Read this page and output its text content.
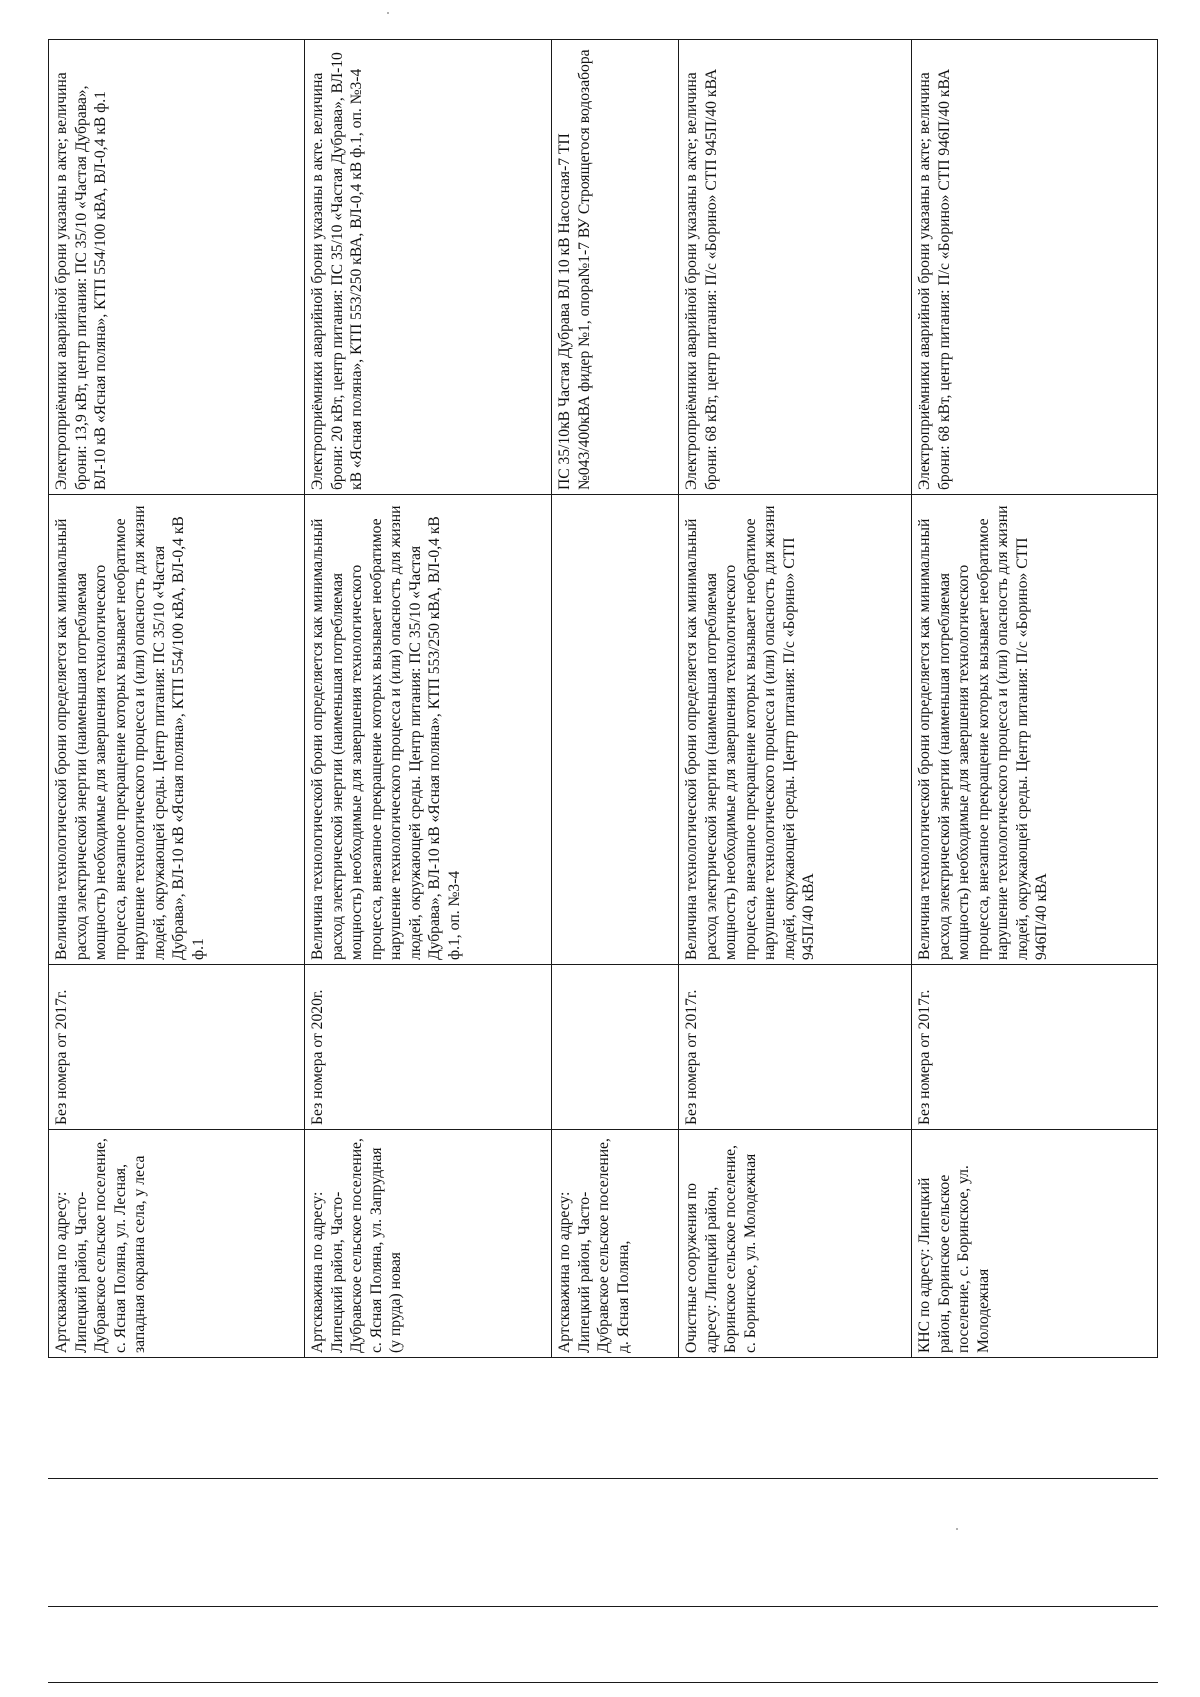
Артскважина по адресу: Липецкий район, Часто-Дубравское сельское поселение, с. Ясная Поляна, ул. Лесная, западная окраина села, у леса	Без номера от 2017г.	Величина технологической брони определяется как минимальный расход электрической энергии (наименьшая потребляемая мощность) необходимые для завершения технологического процесса, внезапное прекращение которых вызывает необратимое нарушение технологического процесса и (или) опасность для жизни людей, окружающей среды. Центр питания: ПС 35/10 «Частая Дубрава», ВЛ-10 кВ «Ясная поляна», КТП 554/100 кВА, ВЛ-0,4 кВ ф.1	Электроприёмники аварийной брони указаны в акте; величина брони: 13,9 кВт, центр питания: ПС 35/10 «Частая Дубрава», ВЛ-10 кВ «Ясная поляна», КТП 554/100 кВА, ВЛ-0,4 кВ ф.1
Артскважина по адресу: Липецкий район, Часто-Дубравское сельское поселение, с. Ясная Поляна, ул. Запрудная (у пруда) новая	Без номера от 2020г.	Величина технологической брони определяется как минимальный расход электрической энергии (наименьшая потребляемая мощность) необходимые для завершения технологического процесса, внезапное прекращение которых вызывает необратимое нарушение технологического процесса и (или) опасность для жизни людей, окружающей среды. Центр питания: ПС 35/10 «Частая Дубрава», ВЛ-10 кВ «Ясная поляна», КТП 553/250 кВА, ВЛ-0,4 кВ ф.1, оп. №3-4	Электроприёмники аварийной брони указаны в акте. величина брони: 20 кВт, центр питания: ПС 35/10 «Частая Дубрава», ВЛ-10 кВ «Ясная поляна», КТП 553/250 кВА, ВЛ-0,4 кВ ф.1, оп. №3-4
Артскважина по адресу: Липецкий район, Часто-Дубравское сельское поселение, д. Ясная Поляна,			ПС 35/10кВ Частая Дубрава ВЛ 10 кВ Насосная-7 ТП №043/400кВА фидер №1, опора№1-7 ВУ Строящегося водозабора
Очистные сооружения по адресу: Липецкий район, Боринское сельское поселение, с. Боринское, ул. Молодежная	Без номера от 2017г.	Величина технологической брони определяется как минимальный расход электрической энергии (наименьшая потребляемая мощность) необходимые для завершения технологического процесса, внезапное прекращение которых вызывает необратимое нарушение технологического процесса и (или) опасность для жизни людей, окружающей среды. Центр питания: П/с «Борино» СТП 945П/40 кВА	Электроприёмники аварийной брони указаны в акте; величина брони: 68 кВт, центр питания: П/с «Борино» СТП 945П/40 кВА
КНС по адресу: Липецкий район, Боринское сельское поселение, с. Боринское, ул. Молодежная	Без номера от 2017г.	Величина технологической брони определяется как минимальный расход электрической энергии (наименьшая потребляемая мощность) необходимые для завершения технологического процесса, внезапное прекращение которых вызывает необратимое нарушение технологического процесса и (или) опасность для жизни людей, окружающей среды. Центр питания: П/с «Борино» СТП 946П/40 кВА	Электроприёмники аварийной брони указаны в акте; величина брони: 68 кВт, центр питания: П/с «Борино» СТП 946П/40 кВА
